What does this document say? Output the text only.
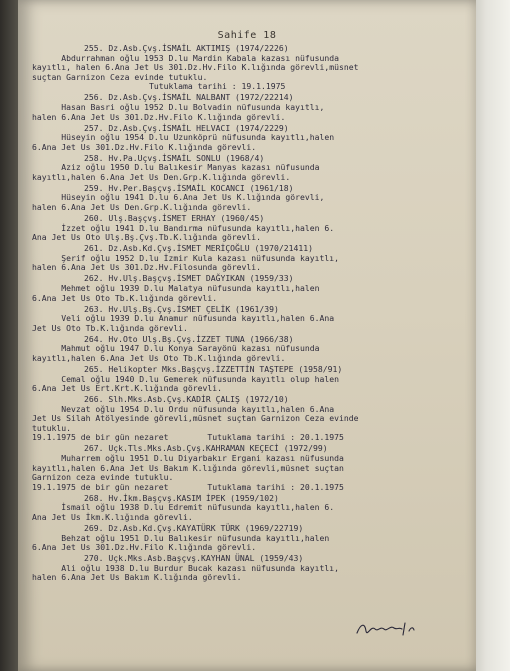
Sahife 18
255. Dz.Asb.Çvş.İSMAİL AKTIMIŞ (1974/2226)
Abdurrahman oğlu 1953 D.lu Mardin Kabala kazası nüfusunda
kayıtlı, halen 6.Ana Jet Us 301.Dz.Hv.Filo K.lığında görevli,müsnet
suçtan Garnizon Ceza evinde tutuklu.
Tutuklama tarihi : 19.1.1975
256. Dz.Asb.Çvş.İSMAİL NALBANT (1972/22214)
Hasan Basri oğlu 1952 D.lu Bolvadin nüfusunda kayıtlı,
halen 6.Ana Jet Us 301.Dz.Hv.Filo K.lığında görevli.
257. Dz.Asb.Çvş.İSMAİL HELVACI (1974/2229)
Hüseyin oğlu 1954 D.lu Uzunköprü nüfusunda kayıtlı,halen
6.Ana Jet Us 301.Dz.Hv.Filo K.lığında görevli.
258. Hv.Pa.Uçvş.İSMAİL SONLU (1968/4)
Aziz oğlu 1950 D.lu Balıkesir Manyas kazası nüfusunda
kayıtlı,halen 6.Ana Jet Us Den.Grp.K.lığında görevli.
259. Hv.Per.Başçvş.İSMAİL KOCANCI (1961/18)
Hüseyin oğlu 1941 D.lu 6.Ana Jet Us K.lığında görevli,
halen 6.Ana Jet Us Den.Grp.K.lığında görevli.
260. Ulş.Başçvş.İSMET ERHAY (1960/45)
İzzet oğlu 1941 D.lu Bandırma nüfusunda kayıtlı,halen 6.
Ana Jet Us Oto Ulş.Bş.Çvş.Tb.K.lığında görevli.
261. Dz.Asb.Kd.Çvş.İSMET MERİÇOĞLU (1970/21411)
Şerif oğlu 1952 D.lu İzmir Kula kazası nüfusunda kayıtlı,
halen 6.Ana Jet Us 301.Dz.Hv.Filosunda görevli.
262. Hv.Ulş.Başçvş.İSMET DAĞYIKAN (1959/33)
Mehmet oğlu 1939 D.lu Malatya nüfusunda kayıtlı,halen
6.Ana Jet Us Oto Tb.K.lığında görevli.
263. Hv.Ulş.Bş.Çvş.İSMET ÇELİK (1961/39)
Veli oğlu 1939 D.lu Anamur nüfusunda kayıtlı,halen 6.Ana
Jet Us Oto Tb.K.lığında görevli.
264. Hv.Oto Ulş.Bş.Çvş.İZZET TUNA (1966/38)
Mahmut oğlu 1947 D.lu Konya Sarayönü kazası nüfusunda
kayıtlı,halen 6.Ana Jet Us Oto Tb.K.lığında görevli.
265. Helikopter Mks.Başçvş.İZZETTİN TAŞTEPE (1958/91)
Cemal oğlu 1940 D.lu Gemerek nüfusunda kayıtlı olup halen
6.Ana Jet Us Ert.Krt.K.lığında görevli.
266. Slh.Mks.Asb.Çvş.KADİR ÇALIŞ (1972/10)
Nevzat oğlu 1954 D.lu Ordu nüfusunda kayıtlı,halen 6.Ana
Jet Us Silah Atölyesinde görevli,müsnet suçtan Garnizon Ceza evinde
tutuklu.
19.1.1975 de bir gün nezaret        Tutuklama tarihi : 20.1.1975
267. Uçk.Tls.Mks.Asb.Çvş.KAHRAMAN KEÇECİ (1972/99)
Muharrem oğlu 1951 D.lu Diyarbakır Ergani kazası nüfusunda
kayıtlı,halen 6.Ana Jet Us Bakım K.lığında görevli,müsnet suçtan
Garnizon ceza evinde tutuklu.
19.1.1975 de bir gün nezaret        Tutuklama tarihi : 20.1.1975
268. Hv.İkm.Başçvş.KASIM İPEK (1959/102)
İsmail oğlu 1938 D.lu Edremit nüfusunda kayıtlı,halen 6.
Ana Jet Us İkm.K.lığında görevli.
269. Dz.Asb.Kd.Çvş.KAYATÜRK TÜRK (1969/22719)
Behzat oğlu 1951 D.lu Balıkesir nüfusunda kayıtlı,halen
6.Ana Jet Us 301.Dz.Hv.Filo K.lığında görevli.
270. Uçk.Mks.Asb.Başçvş.KAYHAN ÜNAL (1959/43)
Ali oğlu 1938 D.lu Burdur Bucak kazası nüfusunda kayıtlı,
halen 6.Ana Jet Us Bakım K.lığında görevli.
